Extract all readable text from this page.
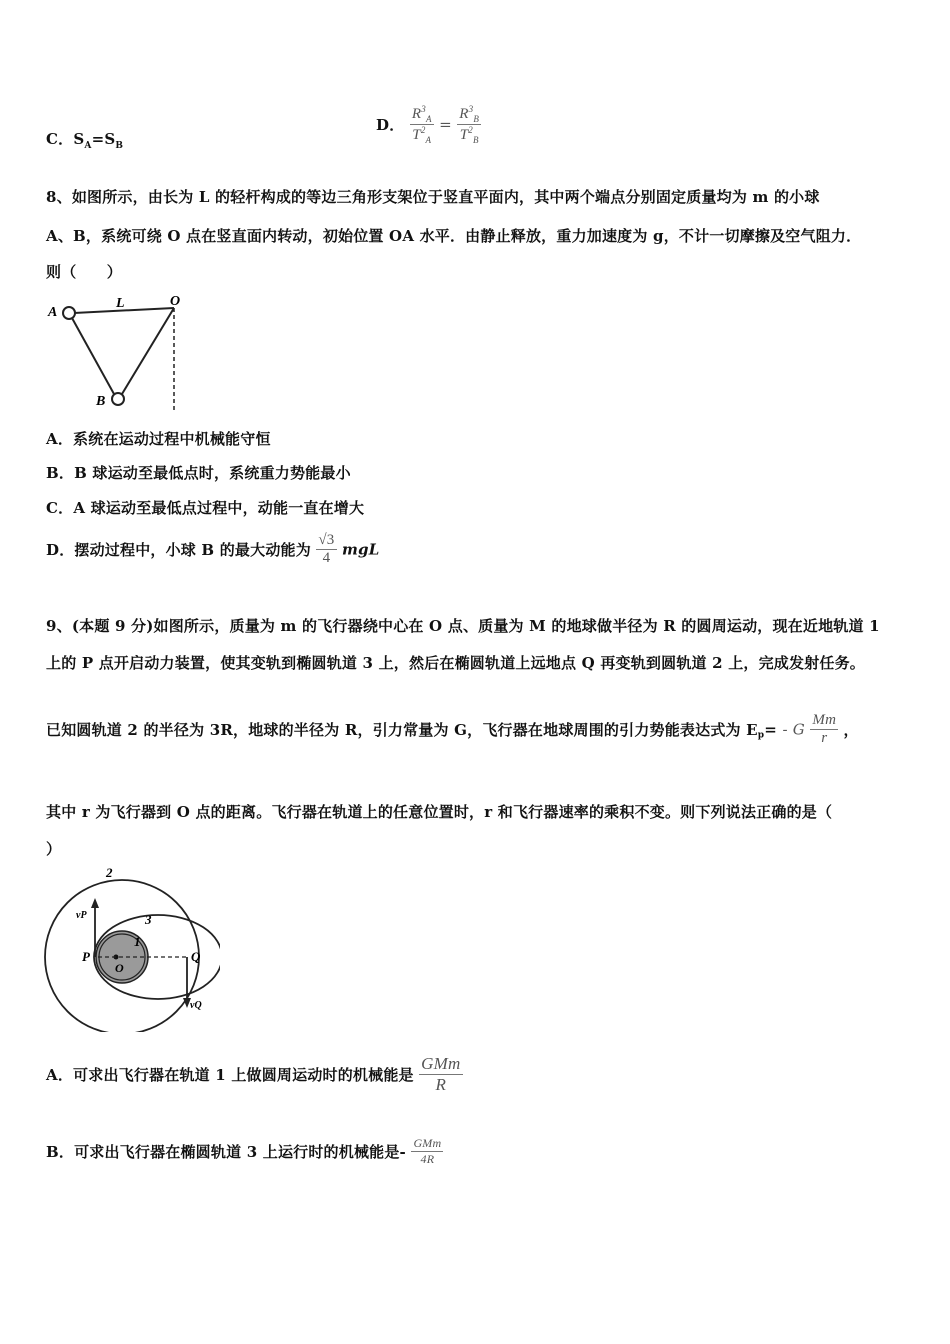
C．$S_A=S_B$
D． $\frac{R^3_A}{T^2_A} = \frac{R^3_B}{T^2_B}$
8、如图所示，由长为 L 的轻杆构成的等边三角形支架位于竖直平面内，其中两个端点分别固定质量均为 m 的小球
A、B，系统可绕 O 点在竖直面内转动，初始位置 OA 水平．由静止释放，重力加速度为 g，不计一切摩擦及空气阻力．
则（　　）
A
L	O
B
A．系统在运动过程中机械能守恒
B．B 球运动至最低点时，系统重力势能最小
C．A 球运动至最低点过程中，动能一直在增大
D．摆动过程中，小球 B 的最大动能为 $\frac{√3}{4}$ mgL
9、(本题 9 分)如图所示，质量为 m 的飞行器绕中心在 O 点、质量为 M 的地球做半径为 R 的圆周运动，现在近地轨道 1
上的 P 点开启动力装置，使其变轨到椭圆轨道 3 上，然后在椭圆轨道上远地点 Q 再变轨到圆轨道 2 上，完成发射任务。
已知圆轨道 2 的半径为 3R，地球的半径为 R，引力常量为 G，飞行器在地球周围的引力势能表达式为 $E_p= - G \frac{Mm}{r}$ ，
其中 r 为飞行器到 O 点的距离。飞行器在轨道上的任意位置时，r 和飞行器速率的乘积不变。则下列说法正确的是（
）
2
3
1
vP
P
O
Q
vQ
A．可求出飞行器在轨道 1 上做圆周运动时的机械能是 $\frac{\text{GMm}}{R}$
B．可求出飞行器在椭圆轨道 3 上运行时的机械能是- $\frac{\text{GMm}}{4R}$
